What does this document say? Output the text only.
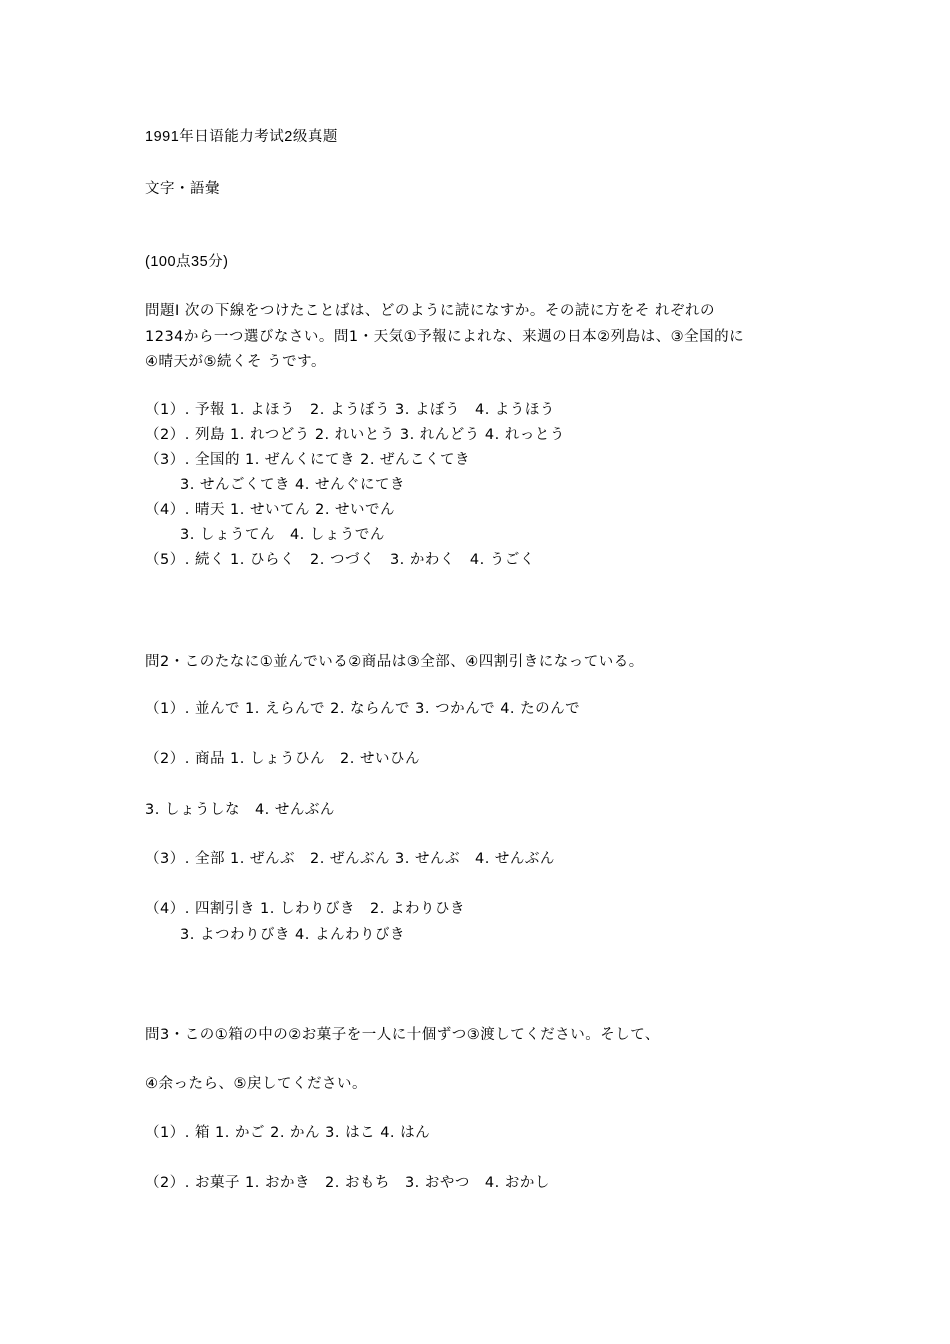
1991年日语能力考试2级真题
文字・語彙
(100点35分)
問題Ⅰ 次の下線をつけたことばは、どのように読になすか。その読に方をそ れぞれの
1234から一つ選びなさい。問1・天気①予報によれな、来週の日本②列島は、③全国的に
④晴天が⑤続くそ うです。
（1）. 予報 1. よほう　2. ようぼう 3. よぼう　4. ようほう
（2）. 列島 1. れつどう 2. れいとう 3. れんどう 4. れっとう
（3）. 全国的 1. ぜんくにてき 2. ぜんこくてき
3. せんごくてき 4. せんぐにてき
（4）. 晴天 1. せいてん 2. せいでん
3. しょうてん　4. しょうでん
（5）. 続く 1. ひらく　2. つづく　3. かわく　4. うごく
問2・このたなに①並んでいる②商品は③全部、④四割引きになっている。
（1）. 並んで 1. えらんで 2. ならんで 3. つかんで 4. たのんで
（2）. 商品 1. しょうひん　2. せいひん
3. しょうしな　4. せんぶん
（3）. 全部 1. ぜんぶ　2. ぜんぶん 3. せんぶ　4. せんぶん
（4）. 四割引き 1. しわりびき　2. よわりひき
3. よつわりびき 4. よんわりびき
問3・この①箱の中の②お菓子を一人に十個ずつ③渡してください。そして、
④余ったら、⑤戻してください。
（1）. 箱 1. かご 2. かん 3. はこ 4. はん
（2）. お菓子 1. おかき　2. おもち　3. おやつ　4. おかし
